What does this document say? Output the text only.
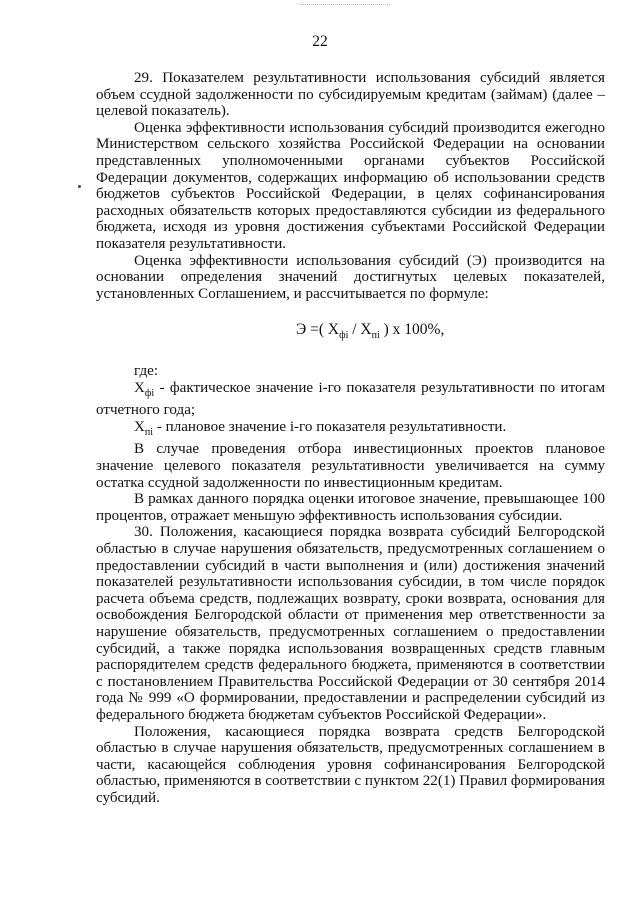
22

29. Показателем результативности использования субсидий является объем ссудной задолженности по субсидируемым кредитам (займам) (далее – целевой показатель).

Оценка эффективности использования субсидий производится ежегодно Министерством сельского хозяйства Российской Федерации на основании представленных уполномоченными органами субъектов Российской Федерации документов, содержащих информацию об использовании средств бюджетов субъектов Российской Федерации, в целях софинансирования расходных обязательств которых предоставляются субсидии из федерального бюджета, исходя из уровня достижения субъектами Российской Федерации показателя результативности.

Оценка эффективности использования субсидий (Э) производится на основании определения значений достигнутых целевых показателей, установленных Соглашением, и рассчитывается по формуле:

Э =( $Х_{фi} / Х_{пi}$ ) х 100%,

где:

$Х_{фi}$ - фактическое значение i-го показателя результативности по итогам отчетного года;

$Х_{пi}$ - плановое значение i-го показателя результативности.

В случае проведения отбора инвестиционных проектов плановое значение целевого показателя результативности увеличивается на сумму остатка ссудной задолженности по инвестиционным кредитам.

В рамках данного порядка оценки итоговое значение, превышающее 100 процентов, отражает меньшую эффективность использования субсидии.

30. Положения, касающиеся порядка возврата субсидий Белгородской областью в случае нарушения обязательств, предусмотренных соглашением о предоставлении субсидий в части выполнения и (или) достижения значений показателей результативности использования субсидии, в том числе порядок расчета объема средств, подлежащих возврату, сроки возврата, основания для освобождения Белгородской области от применения мер ответственности за нарушение обязательств, предусмотренных соглашением о предоставлении субсидий, а также порядка использования возвращенных средств главным распорядителем средств федерального бюджета, применяются в соответствии с постановлением Правительства Российской Федерации от 30 сентября 2014 года № 999 «О формировании, предоставлении и распределении субсидий из федерального бюджета бюджетам субъектов Российской Федерации».

Положения, касающиеся порядка возврата средств Белгородской областью в случае нарушения обязательств, предусмотренных соглашением в части, касающейся соблюдения уровня софинансирования Белгородской областью, применяются в соответствии с пунктом 22(1) Правил формирования субсидий.
